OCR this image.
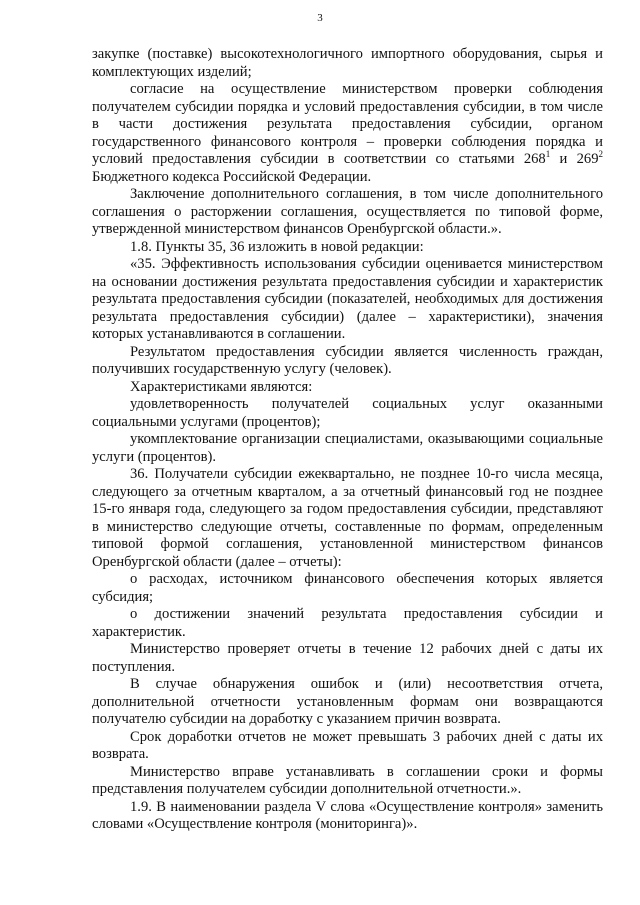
3

закупке (поставке) высокотехнологичного импортного оборудования, сырья и комплектующих изделий;

согласие на осуществление министерством проверки соблюдения получателем субсидии порядка и условий предоставления субсидии, в том числе в части достижения результата предоставления субсидии, органом государственного финансового контроля – проверки соблюдения порядка и условий предоставления субсидии в соответствии со статьями $268^1$ и $269^2$ Бюджетного кодекса Российской Федерации.

Заключение дополнительного соглашения, в том числе дополнительного соглашения о расторжении соглашения, осуществляется по типовой форме, утвержденной министерством финансов Оренбургской области.».

1.8. Пункты 35, 36 изложить в новой редакции:

«35. Эффективность использования субсидии оценивается министерством на основании достижения результата предоставления субсидии и характеристик результата предоставления субсидии (показателей, необходимых для достижения результата предоставления субсидии) (далее – характеристики), значения которых устанавливаются в соглашении.

Результатом предоставления субсидии является численность граждан, получивших государственную услугу (человек).

Характеристиками являются:

удовлетворенность получателей социальных услуг оказанными социальными услугами (процентов);

укомплектование организации специалистами, оказывающими социальные услуги (процентов).

36. Получатели субсидии ежеквартально, не позднее 10-го числа месяца, следующего за отчетным кварталом, а за отчетный финансовый год не позднее 15-го января года, следующего за годом предоставления субсидии, представляют в министерство следующие отчеты, составленные по формам, определенным типовой формой соглашения, установленной министерством финансов Оренбургской области (далее – отчеты):

о расходах, источником финансового обеспечения которых является субсидия;

о достижении значений результата предоставления субсидии и характеристик.

Министерство проверяет отчеты в течение 12 рабочих дней с даты их поступления.

В случае обнаружения ошибок и (или) несоответствия отчета, дополнительной отчетности установленным формам они возвращаются получателю субсидии на доработку с указанием причин возврата.

Срок доработки отчетов не может превышать 3 рабочих дней с даты их возврата.

Министерство вправе устанавливать в соглашении сроки и формы представления получателем субсидии дополнительной отчетности.».

1.9. В наименовании раздела V слова «Осуществление контроля» заменить словами «Осуществление контроля (мониторинга)».
